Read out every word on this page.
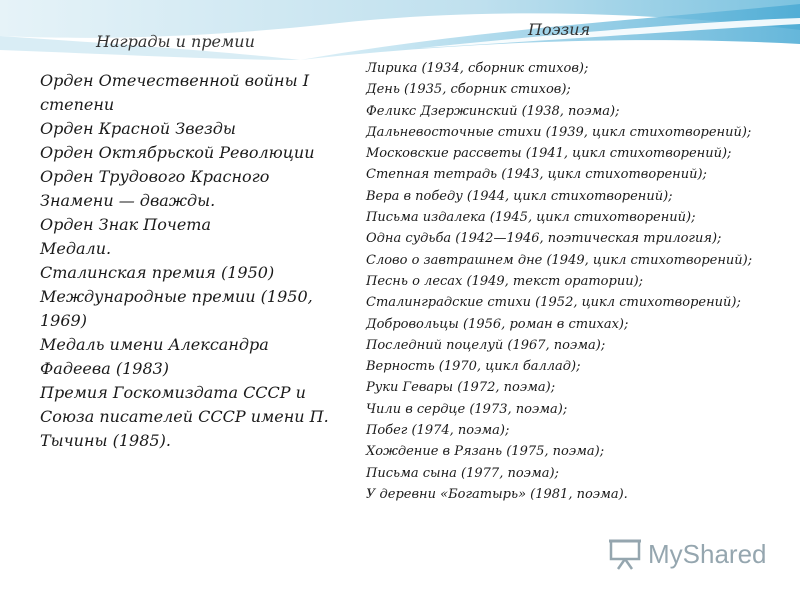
Награды и премии
Поэзия
Орден Отечественной войны I степени
Орден Красной Звезды
Орден Октябрьской Революции
Орден Трудового Красного Знамени — дважды.
Орден Знак Почета
Медали.
Сталинская премия (1950)
Международные премии (1950, 1969)
Медаль имени Александра Фадеева (1983)
Премия Госкомиздата СССР и Союза писателей СССР имени П. Тычины (1985).
Лирика (1934, сборник стихов);
День (1935, сборник стихов);
Феликс Дзержинский (1938, поэма);
Дальневосточные стихи (1939, цикл стихотворений);
Московские рассветы (1941, цикл стихотворений);
Степная тетрадь (1943, цикл стихотворений);
Вера в победу (1944, цикл стихотворений);
Письма издалека (1945, цикл стихотворений);
Одна судьба (1942—1946, поэтическая трилогия);
Слово о завтрашнем дне (1949, цикл стихотворений);
Песнь о лесах (1949, текст оратории);
Сталинградские стихи (1952, цикл стихотворений);
Добровольцы (1956, роман в стихах);
Последний поцелуй (1967, поэма);
Верность (1970, цикл баллад);
Руки Гевары (1972, поэма);
Чили в сердце (1973, поэма);
Побег (1974, поэма);
Хождение в Рязань (1975, поэма);
Письма сына (1977, поэма);
У деревни «Богатырь» (1981, поэма).
MyShared
